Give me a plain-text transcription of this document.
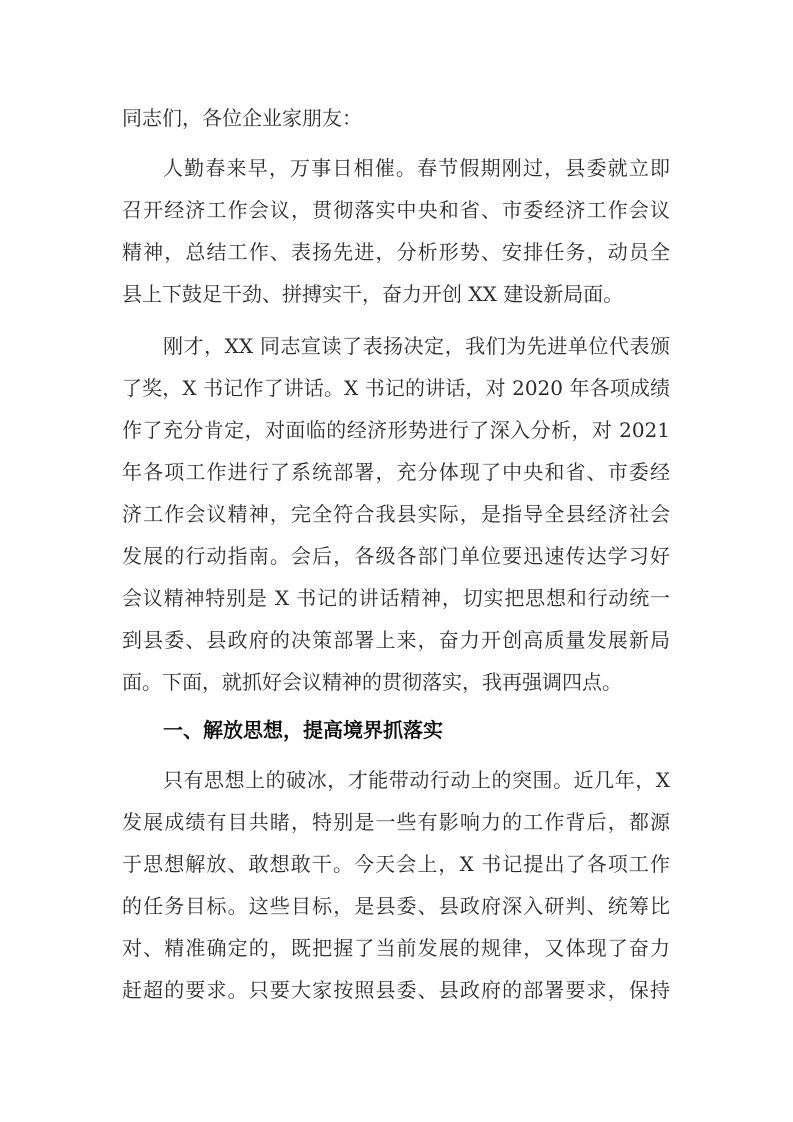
同志们，各位企业家朋友：
人勤春来早，万事日相催。春节假期刚过，县委就立即
召开经济工作会议，贯彻落实中央和省、市委经济工作会议
精神，总结工作、表扬先进，分析形势、安排任务，动员全
县上下鼓足干劲、拼搏实干，奋力开创 XX 建设新局面。
刚才，XX 同志宣读了表扬决定，我们为先进单位代表颁
了奖，X 书记作了讲话。X 书记的讲话，对 2020 年各项成绩
作了充分肯定，对面临的经济形势进行了深入分析，对 2021
年各项工作进行了系统部署，充分体现了中央和省、市委经
济工作会议精神，完全符合我县实际，是指导全县经济社会
发展的行动指南。会后，各级各部门单位要迅速传达学习好
会议精神特别是 X 书记的讲话精神，切实把思想和行动统一
到县委、县政府的决策部署上来，奋力开创高质量发展新局
面。下面，就抓好会议精神的贯彻落实，我再强调四点。
一、解放思想，提高境界抓落实
只有思想上的破冰，才能带动行动上的突围。近几年，X
发展成绩有目共睹，特别是一些有影响力的工作背后，都源
于思想解放、敢想敢干。今天会上，X 书记提出了各项工作
的任务目标。这些目标，是县委、县政府深入研判、统筹比
对、精准确定的，既把握了当前发展的规律，又体现了奋力
赶超的要求。只要大家按照县委、县政府的部署要求，保持
